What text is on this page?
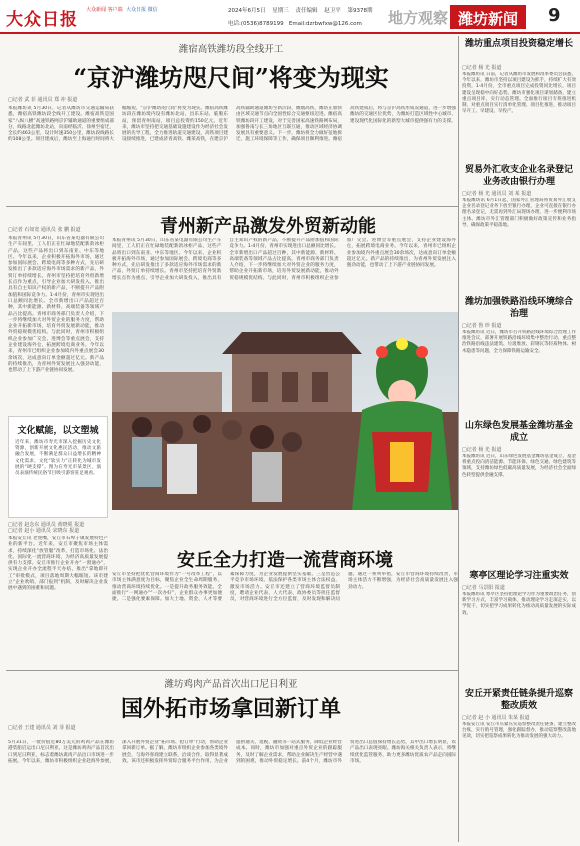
大众日报 大众新闻 客户端 大众日报 微信	2024年6月5日 星期三 责任编辑 赵卫平 第9378期
电话:(0536)8789199 Email:dzrbwfxw@126.com 地方观察 潍坊新闻	9
潍宿高铁潍坊段全线开工
“京沪潍坊咫尺间”将变为现实
□记者 武 菲 通讯员 郑 冲 报道
本报潍坊讯 5月30日，记者从潍坊市交通运输局获悉，潍宿高铁潍坊段全线开工建设。潍宿高铁是国家“八纵八横”高速铁路网京沪辅助通道的重要组成部分，线路北起潍坊北站，向南经临沂、徐州至宿迁，全长约463公里，设计时速350公里，潍坊段线路长约108公里。项目建成后，潍坊至上海通行时间将大幅缩短，“京沪潍坊咫尺间”将变为现实。潍宿高铁潍坊段在潍坊境内设有潍坊北站、昌乐东站、临朐东站，预留青州南站，项目总投资约150亿元。近年来，潍坊市坚持把交通基础设施建设作为经济社会发展的先导工程，全力推进轨道交通建设，高铁项目建设接续推进，已建成济青高铁、潍莱高铁，在建京沪高铁辅助通道潍坊至新沂段、潍烟高铁，潍坊正加快由区域交通节点向全国性综合交通枢纽迈进。潍宿高铁潍坊段开工建设，对于完善国家高速铁路网布局，加强鲁南与长三角地区互联互通，推动区域经济协调发展具有重要意义。下一步，潍坊将全力做好征地拆迁、施工环境保障等工作，确保项目顺利推进。潍宿高铁建成后，将与京沪高铁形成双通道，进一步增强潍坊的交通区位优势，为潍坊打造区域性中心城市、建设现代化国际化的新型大城市提供强有力的支撑。
青州新产品激发外贸新动能
□记者 石如宽 通讯员 张 鹏 报道
本报青州讯 5月30日，山东省某电器有限公司生产车间里，工人们正在忙碌地装配新款冰柜产品，这些产品将出口到东南亚、中东等地区。今年以来，企业积极开拓海外市场，通过参加国际展会、跨境电商等多种方式，先后研发推出了多款适应海外市场需求的新产品，外贸订单持续增长。青州市坚持把培育外贸新增长点作为重点，引导企业加大研发投入，推出具有自主知识产权的新产品，不断提升产品附加值和国际竞争力。1-4月份，青州市实现进出口总额同比增长。全市新增出口产品超过百种，其中新能源、新材料、高端装备等领域产品占比提高。青州市商务部门负责人介绍，下一步将继续加大对外贸企业的服务力度，帮助企业开拓新市场，培育外贸发展新动能，推动外贸稳规模优结构。与此同时，青州市积极组织企业参加广交会、进博会等重点展会，支持企业建设海外仓，拓展跨境电商业务。今年以来，青州市已组织企业参加境内外重点展会30余场次，达成意向订单金额超过亿元。新产品的持续推出，为青州外贸发展注入强劲动能，也带动了上下游产业链协同发展。
本报青州讯 5月30日，山东省某电器有限公司生产车间里，工人们正在忙碌地装配新款冰柜产品，这些产品将出口到东南亚、中东等地区。今年以来，企业积极开拓海外市场，通过参加国际展会、跨境电商等多种方式，先后研发推出了多款适应海外市场需求的新产品，外贸订单持续增长。青州市坚持把培育外贸新增长点作为重点，引导企业加大研发投入，推出具有自主知识产权的新产品，不断提升产品附加值和国际竞争力。1-4月份，青州市实现进出口总额同比增长。全市新增出口产品超过百种，其中新能源、新材料、高端装备等领域产品占比提高。青州市商务部门负责人介绍，下一步将继续加大对外贸企业的服务力度，帮助企业开拓新市场，培育外贸发展新动能，推动外贸稳规模优结构。与此同时，青州市积极组织企业参加广交会、进博会等重点展会，支持企业建设海外仓，拓展跨境电商业务。今年以来，青州市已组织企业参加境内外重点展会30余场次，达成意向订单金额超过亿元。新产品的持续推出，为青州外贸发展注入强劲动能，也带动了上下游产业链协同发展。
文化赋能，以文塑城
近年来，潍坊市寿光市深入挖掘历史文化资源，创新开展文化惠民活动，推动文旅融合发展，不断满足群众日益增长的精神文化需求，文化“软实力”正转化为城市发展的“硬支撑”。图为在寿光市某景区，演员表演传统民俗节目吸引游客驻足观看。
□记者 赵念东 通讯员 黄晓冕 报道
□记者 赵小 通讯员 宋晓东 报道
本报安丘讯 老虎嘴，安丘市石埠子镇发展特色产业的新平台。近年来，安丘市聚焦市场主体需求，持续深化“放管服”改革，打造市场化、法治化、国际化一流营商环境，为经济高质量发展提供有力支撑。安丘市推行企业开办“一窗通办”，实现企业开办全流程半天办结，推出“拿地即开工”审批模式，项目落地周期大幅缩短。该市建立“企业吹哨、部门报到”机制，及时解决企业发展中遇到的困难和问题。
安丘全力打造一流营商环境
安丘市坚持把优化营商环境作为“一号改革工程”，以市场主体满意度为目标，聚焦企业全生命周期服务，推动营商环境持续优化。一是提升政务服务效能。全面推行“一网通办”“一次办好”，企业群众办事更加便捷。二是强化要素保障。加大土地、资金、人才等要素保障力度，为企业发展提供坚实基础。三是营造公平竞争市场环境。依法保护各类市场主体合法权益，激发市场活力。安丘市还建立了营商环境监督员制度，聘请企业代表、人大代表、政协委员等担任监督员，对营商环境进行全方位监督，及时发现和解决问题。通过一系列举措，安丘市营商环境持续改善，市场主体活力不断增强，为经济社会高质量发展注入强劲动力。
潍坊鸡肉产品首次出口尼日利亚
国外拓市场拿回新订单
□记者 王建 通讯员 刘 菲 报道
5月31日，一批价值近80万美元的鸡肉产品在潍坊港装船启运出口尼日利亚，这是潍坊鸡肉产品首次出口到尼日利亚，标志着潍坊禽肉产品出口市场进一步拓展。今年以来，潍坊市积极组织企业赴海外参展，深入开展外贸企业“拓市场、抢订单”行动，帮助企业拿回新订单。据了解，潍坊市组织企业参加各类境外展会，与海外客商建立联系，洽谈合作，取得显著成效。该市还积极发挥外贸综合服务平台作用，为企业提供通关、退税、融资等一站式服务，降低企业经营成本。同时，潍坊市加强对重点外贸企业的跟踪服务，及时了解企业需求，帮助企业解决生产经营中遇到的困难，推动外贸稳定增长。前4个月，潍坊市外贸进出口总值保持增长态势，其中出口增长明显，农产品出口表现亮眼。潍坊海关相关负责人表示，将继续优化监管服务，助力更多潍坊优质农产品走向国际市场。
潍坊重点项目投资稳定增长
□记者 杨 光 报道
本报潍坊讯 日前，记者从潍坊市发展和改革委员会获悉，今年以来，潍坊市坚持以项目建设为抓手，持续扩大有效投资，1-4月份，全市重点项目完成投资同比增长，项目建设呈现稳中向好态势。潍坊市强化项目谋划储备，建立重点项目库，实行动态管理。全面推行项目专班推进机制，对重点项目实行清单化管理、项目化推进，推动项目早开工、早建设、早投产。
贸易外汇收支企业名录登记业务改由银行办理
□记者 杨 光 通讯员 刘 某 报道
本报潍坊讯 6月1日起，国家外汇管理局将贸易外汇收支企业名录登记业务下放至银行办理，企业可直接在银行办理名录登记，无需再到外汇局现场办理，进一步便利市场主体。潍坊市外汇管理部门积极做好政策宣传和业务指导，确保政策平稳落地。
潍坊加强铁路沿线环境综合治理
□记者 鲁 珍 报道
本报潍坊讯 近日，潍坊市召开铁路沿线环境综合治理工作推进会议，部署开展铁路沿线环境集中整治行动，重点整治铁路沿线违法建筑、垃圾堆放、彩钢瓦等轻质物体、树木隐患等问题，全力保障铁路运输安全。
山东绿色发展基金潍坊基金成立
□记者 杨 光 报道
本报潍坊讯 近日，山东绿色发展基金潍坊基金成立，基金将重点投向清洁能源、节能环保、绿色交通、绿色建筑等领域，支持潍坊绿色低碳高质量发展，为经济社会全面绿色转型提供金融支撑。
寒亭区理论学习注重实效
□记者 马景阳 报道
本报潍坊讯 寒亭区坚持把理论学习作为重要政治任务，创新学习方式，丰富学习载体，推动理论学习走深走实，以学促干，切实把学习成果转化为推动高质量发展的实际成效。
安丘开紧责任链条提升巡察整改质效
□记者 赵 小 通讯员 朱某 报道
本报安丘讯 安丘市压紧压实巡察整改责任链条，建立整改台账，实行销号管理，强化跟踪督办，推动巡察整改落地见效，切实把巡察成果转化为推动发展的强大动力。
